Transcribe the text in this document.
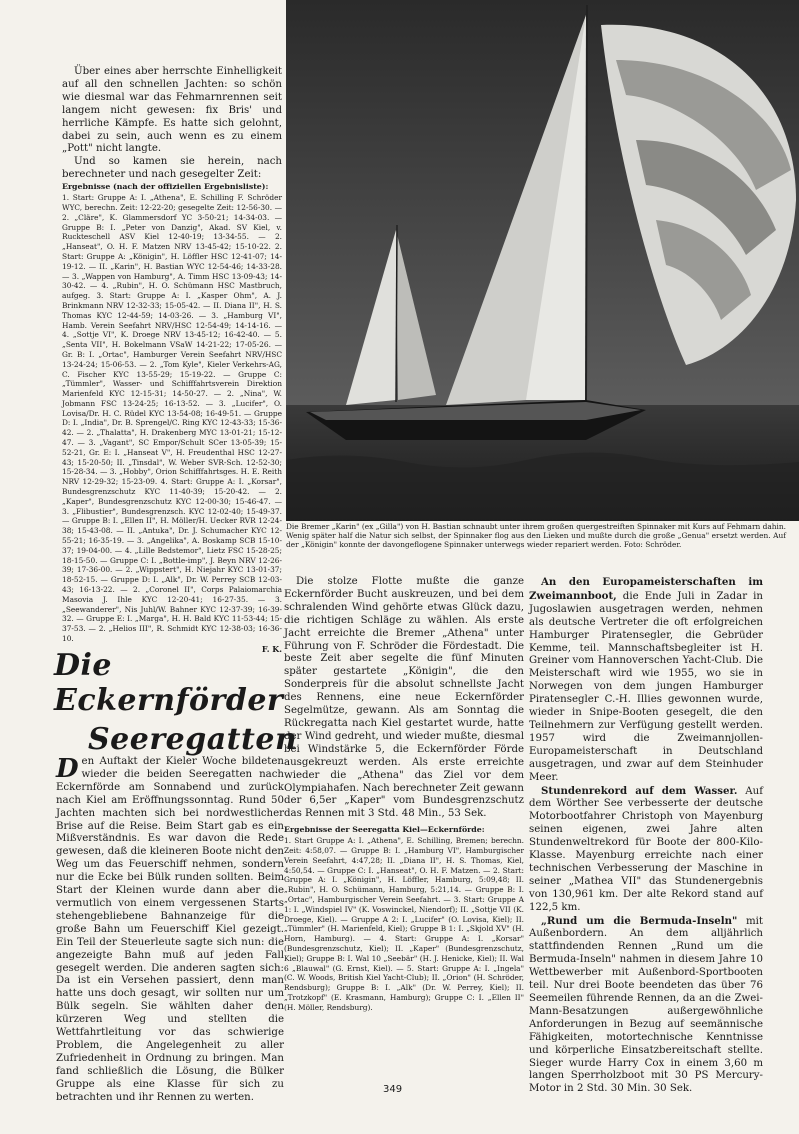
Über eines aber herrschte Einhelligkeit auf all den schnellen Jachten: so schön wie diesmal war das Fehmarnrennen seit langem nicht gewesen: fix Bris' und herrliche Kämpfe. Es hatte sich gelohnt, dabei zu sein, auch wenn es zu einem „Pott" nicht langte.

Und so kamen sie herein, nach berechneter und nach gesegelter Zeit:

Ergebnisse (nach der offiziellen Ergebnisliste):

1. Start: Gruppe A: I. „Athena", E. Schilling F. Schröder WYC, berechn. Zeit: 12-22-20; gesegelte Zeit: 12-56-30. — 2. „Cläre", K. Glammersdorf YC 3-50-21; 14-34-03. — Gruppe B: I. „Peter von Danzig", Akad. SV Kiel, v. Ruckteschell ASV Kiel 12-40-19; 13-34-55. — 2. „Hanseat", O. H. F. Matzen NRV 13-45-42; 15-10-22. 2. Start: Gruppe A: „Königin", H. Löffler HSC 12-41-07; 14-19-12. — II. „Karin", H. Bastian WYC 12-54-46; 14-33-28. — 3. „Wappen von Hamburg", A. Timm HSC 13-09-43; 14-30-42. — 4. „Rubin", H. O. Schümann HSC Mastbruch, aufgeg. 3. Start: Gruppe A: I. „Kasper Ohm", A. J. Brinkmann NRV 12-32-33; 15-05-42. — II. Diana II", H. S. Thomas KYC 12-44-59; 14-03-26. — 3. „Hamburg VI", Hamb. Verein Seefahrt NRV/HSC 12-54-49; 14-14-16. — 4. „Sottje VI", K. Droege NRV 13-45-12; 16-42-40. — 5. „Senta VII", H. Bokelmann VSaW 14-21-22; 17-05-26. — Gr. B: I. „Ortac", Hamburger Verein Seefahrt NRV/HSC 13-24-24; 15-06-53. — 2. „Tom Kyle", Kieler Verkehrs-AG, C. Fischer KYC 13-55-29; 15-19-22. — Gruppe C: „Tümmler", Wasser- und Schifffahrtsverein Direktion Marienfeld KYC 12-15-31; 14-50-27. — 2. „Nina", W. Jobmann FSC 13-24-25; 16-13-52. — 3. „Lucifer", O. Lovisa/Dr. H. C. Rüdel KYC 13-54-08; 16-49-51. — Gruppe D: I. „India", Dr. B. Sprengel/C. Ring KYC 12-43-33; 15-36-42. — 2. „Thalatta", H. Drakenberg MYC 13-01-21; 15-12-47. — 3. „Vagant", SC Empor/Schult SCer 13-05-39; 15-52-21, Gr. E: I. „Hanseat V", H. Freudenthal HSC 12-27-43; 15-20-50; II. „Tinsdal", W. Weber SVR-Sch. 12-52-30; 15-28-34. — 3. „Hobby", Orion Schifffahrtsges. H. E. Reith NRV 12-29-32; 15-23-09. 4. Start: Gruppe A: I. „Korsar", Bundesgrenzschutz KYC 11-40-39; 15-20-42. — 2. „Kaper", Bundesgrenzschutz KYC 12-00-30; 15-46-47. — 3. „Flibustier", Bundesgrenzsch. KYC 12-02-40; 15-49-37. — Gruppe B: I. „Ellen II", H. Möller/H. Uecker RVR 12-24-38; 15-43-08. — II. „Antuka", Dr. J. Schumacher KYC 12-55-21; 16-35-19. — 3. „Angelika", A. Boskamp SCB 15-10-37; 19-04-00. — 4. „Lille Bedstemor", Lietz FSC 15-28-25; 18-15-50. — Gruppe C: I. „Bottle-imp", J. Beyn NRV 12-26-39; 17-36-00. — 2. „Wippstert", H. Niejahr KYC 13-01-37; 18-52-15. — Gruppe D: I. „Alk", Dr. W. Perrey SCB 12-03-43; 16-13-22. — 2. „Coronel II", Corps Palaiomarchia Masovia J. Ihle KYC 12-20-41; 16-27-35. — 3. „Seewanderer", Nis Juhl/W. Bahner KYC 12-37-39; 16-39-32. — Gruppe E: I. „Marga", H. H. Bald KYC 11-53-44; 15-37-53. — 2. „Helios III", R. Schmidt KYC 12-38-03; 16-36-10.

F. K.

Die Eckernförder
Seeregatten

Den Auftakt der Kieler Woche bildeten wieder die beiden Seeregatten nach Eckernförde am Sonnabend und zurück nach Kiel am Eröffnungssonntag. Rund 50 Jachten machten sich bei nordwestlicher Brise auf die Reise. Beim Start gab es ein Mißverständnis. Es war davon die Rede gewesen, daß die kleineren Boote nicht den Weg um das Feuerschiff nehmen, sondern nur die Ecke bei Bülk runden sollten. Beim Start der Kleinen wurde dann aber die vermutlich von einem vergessenen Starts stehengebliebene Bahnanzeige für die große Bahn um Feuerschiff Kiel gezeigt. Ein Teil der Steuerleute sagte sich nun: die angezeigte Bahn muß auf jeden Fall gesegelt werden. Die anderen sagten sich: Da ist ein Versehen passiert, denn man hatte uns doch gesagt, wir sollten nur um Bülk segeln. Sie wählten daher den kürzeren Weg und stellten die Wettfahrtleitung vor das schwierige Problem, die Angelegenheit zu aller Zufriedenheit in Ordnung zu bringen. Man fand schließlich die Lösung, die Bülker Gruppe als eine Klasse für sich zu betrachten und ihr Rennen zu werten.

Die Bremer „Karin" (ex „Gilla") von H. Bastian schnaubt unter ihrem großen quergestreiften Spinnaker mit Kurs auf Fehmarn dahin. Wenig später half die Natur sich selbst, der Spinnaker flog aus den Lieken und mußte durch die große „Genua" ersetzt werden. Auf der „Königin" konnte der davongeflogene Spinnaker unterwegs wieder repariert werden. Foto: Schröder.

Die stolze Flotte mußte die ganze Eckernförder Bucht auskreuzen, und bei dem schralenden Wind gehörte etwas Glück dazu, die richtigen Schläge zu wählen. Als erste Jacht erreichte die Bremer „Athena" unter Führung von F. Schröder die Fördestadt. Die beste Zeit aber segelte die fünf Minuten später gestartete „Königin", die den Sonderpreis für die absolut schnellste Jacht des Rennens, eine neue Eckernförder Segelmütze, gewann. Als am Sonntag die Rückregatta nach Kiel gestartet wurde, hatte der Wind gedreht, und wieder mußte, diesmal bei Windstärke 5, die Eckernförder Förde ausgekreuzt werden. Als erste erreichte wieder die „Athena" das Ziel vor dem Olympiahafen. Nach berechneter Zeit gewann der 6,5er „Kaper" vom Bundesgrenzschutz das Rennen mit 3 Std. 48 Min., 53 Sek.

Ergebnisse der Seeregatta Kiel—Eckernförde:

1. Start Gruppe A: I. „Athena", E. Schilling, Bremen; berechn. Zeit: 4:58,07. — Gruppe B: I. „Hamburg VI", Hamburgischer Verein Seefahrt, 4:47,28; II. „Diana II", H. S. Thomas, Kiel, 4:50,54. — Gruppe C: I. „Hanseat", O. H. F. Matzen. — 2. Start: Gruppe A: I. „Königin", H. Löffler, Hamburg, 5:09,48; II. „Rubin", H. O. Schümann, Hamburg, 5:21,14. — Gruppe B: I. „Ortac", Hamburgischer Verein Seefahrt. — 3. Start: Gruppe A 1: I. „Windspiel IV" (K. Voswinckel, Niendorf); II. „Sottje VII (K. Droege, Kiel). — Gruppe A 2: I. „Lucifer" (O. Lovisa, Kiel); II. „Tümmler" (H. Marienfeld, Kiel); Gruppe B 1: I. „Skjold XV" (H. Horn, Hamburg). — 4. Start: Gruppe A: I. „Korsar" (Bundesgrenzschutz, Kiel); II. „Kaper" (Bundesgrenzschutz, Kiel); Gruppe B: I. Wal 10 „Seebär" (H. J. Henicke, Kiel); II. Wal 6 „Blauwal" (G. Ernst, Kiel). — 5. Start: Gruppe A: I. „Ingela" (C. W. Woods, British Kiel Yacht-Club); II. „Orion" (H. Schröder, Rendsburg); Gruppe B: I. „Alk" (Dr. W. Perrey, Kiel); II. „Trotzkopf" (E. Krasmann, Hamburg); Gruppe C: I. „Ellen II" (H. Möller, Rendsburg).

An den Europameisterschaften im Zweimannboot, die Ende Juli in Zadar in Jugoslawien ausgetragen werden, nehmen als deutsche Vertreter die oft erfolgreichen Hamburger Piratensegler, die Gebrüder Kemme, teil. Mannschaftsbegleiter ist H. Greiner vom Hannoverschen Yacht-Club. Die Meisterschaft wird wie 1955, wo sie in Norwegen von dem jungen Hamburger Piratensegler C.-H. Illies gewonnen wurde, wieder in Snipe-Booten gesegelt, die den Teilnehmern zur Verfügung gestellt werden. 1957 wird die Zweimannjollen-Europameisterschaft in Deutschland ausgetragen, und zwar auf dem Steinhuder Meer.

Stundenrekord auf dem Wasser. Auf dem Wörther See verbesserte der deutsche Motorbootfahrer Christoph von Mayenburg seinen eigenen, zwei Jahre alten Stundenweltrekord für Boote der 800-Kilo-Klasse. Mayenburg erreichte nach einer technischen Verbesserung der Maschine in seiner „Mathea VII" das Stundenergebnis von 130,961 km. Der alte Rekord stand auf 122,5 km.

„Rund um die Bermuda-Inseln" mit Außenbordern. An dem alljährlich stattfindenden Rennen „Rund um die Bermuda-Inseln" nahmen in diesem Jahre 10 Wettbewerber mit Außenbord-Sportbooten teil. Nur drei Boote beendeten das über 76 Seemeilen führende Rennen, da an die Zwei-Mann-Besatzungen außergewöhnliche Anforderungen in Bezug auf seemännische Fähigkeiten, motortechnische Kenntnisse und körperliche Einsatzbereitschaft stellte. Sieger wurde Harry Cox in einem 3,60 m langen Sperrholzboot mit 30 PS Mercury-Motor in 2 Std. 30 Min. 30 Sek.

349
